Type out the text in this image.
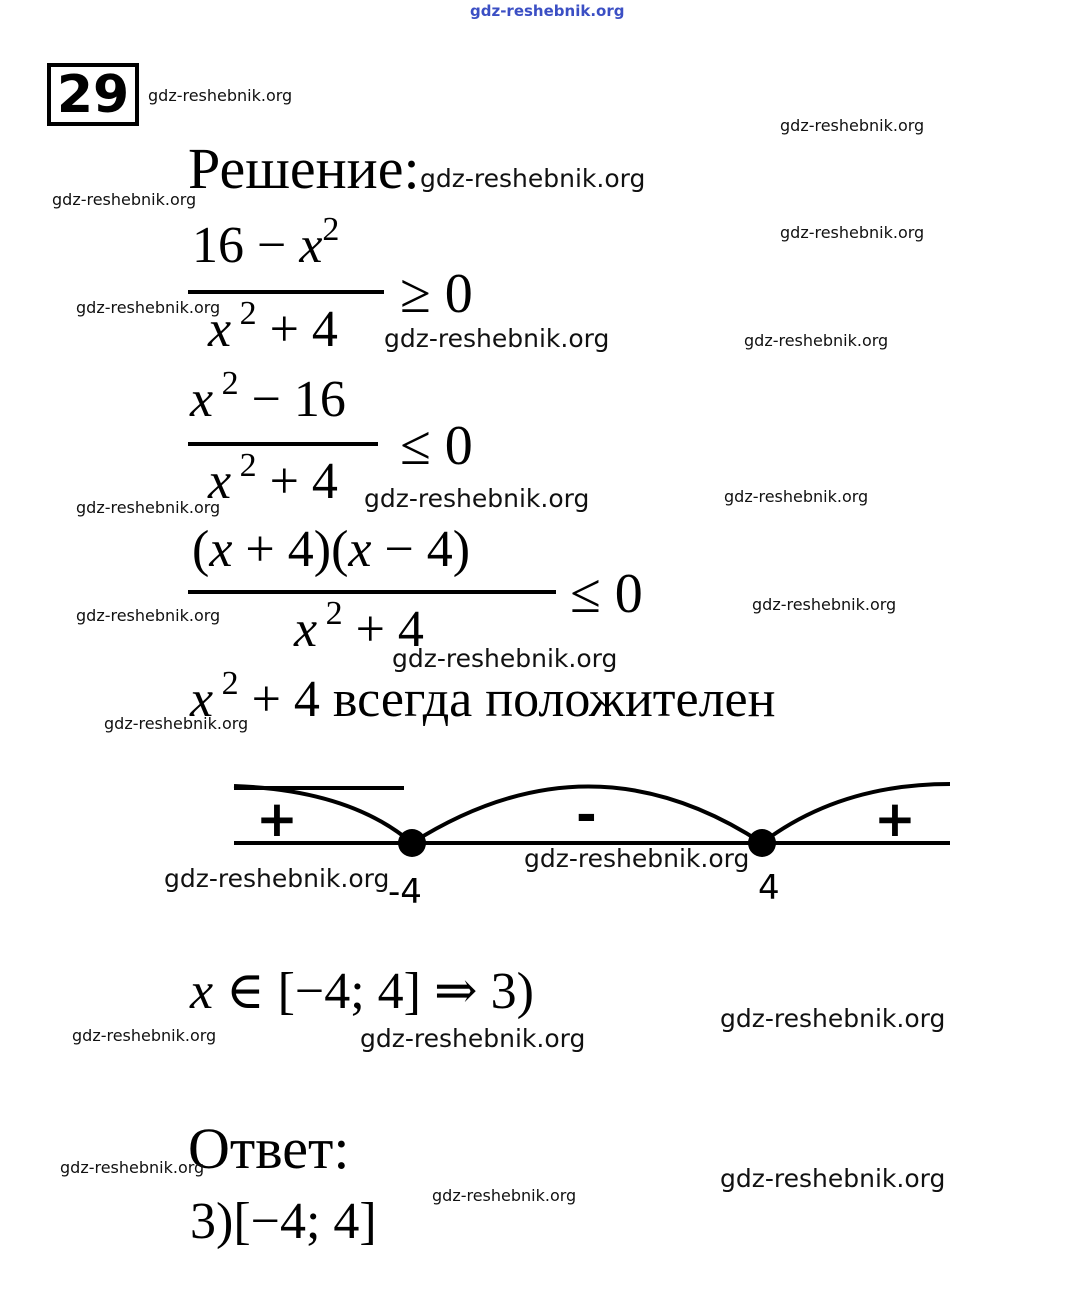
gdz-reshebnik.org
29
Решение:
$16 - x^2$
x $^2$ + 4
≥ 0
x $^2$ − 16
x $^2$ + 4
≤ 0
(x + 4)(x − 4)
x $^2$ + 4
≤ 0
x $^2$ + 4 всегда положителен
+	-	+
-4	4
x ∈ [−4; 4] ⇒ 3)
Ответ:
3)[−4; 4]
gdz-reshebnik.org
gdz-reshebnik.org
gdz-reshebnik.org
gdz-reshebnik.org
gdz-reshebnik.org
gdz-reshebnik.org
gdz-reshebnik.org	gdz-reshebnik.org
gdz-reshebnik.org	gdz-reshebnik.org
gdz-reshebnik.org
gdz-reshebnik.org
gdz-reshebnik.org
gdz-reshebnik.org
gdz-reshebnik.org
gdz-reshebnik.org
gdz-reshebnik.org
gdz-reshebnik.org
gdz-reshebnik.org	gdz-reshebnik.org
gdz-reshebnik.org	gdz-reshebnik.org
gdz-reshebnik.org
